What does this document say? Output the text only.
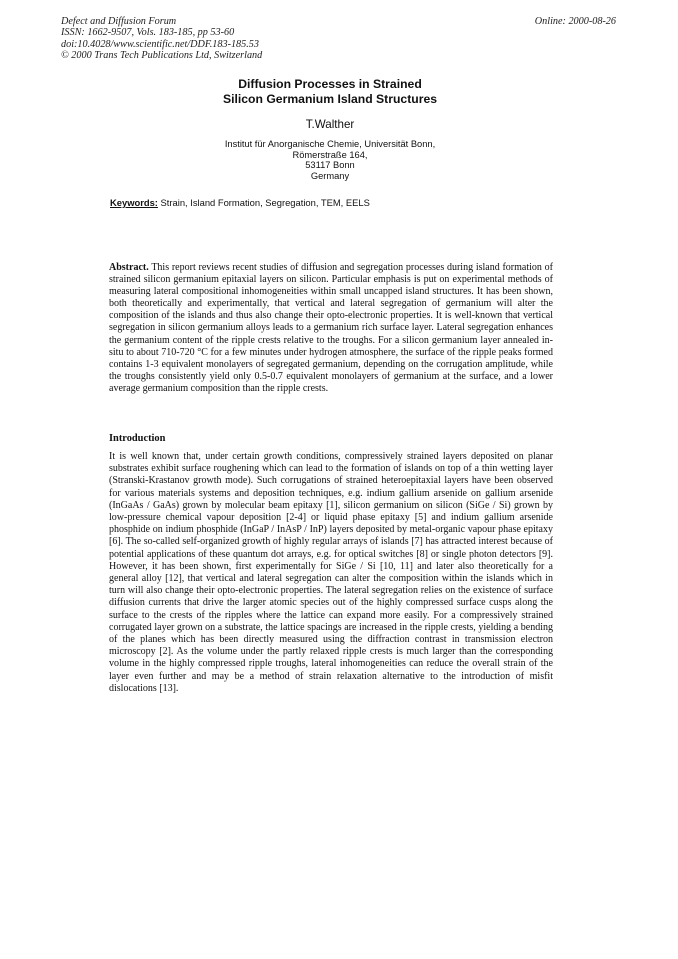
Defect and Diffusion Forum
ISSN: 1662-9507, Vols. 183-185, pp 53-60
doi:10.4028/www.scientific.net/DDF.183-185.53
© 2000 Trans Tech Publications Ltd, Switzerland
Online: 2000-08-26
Diffusion Processes in Strained
Silicon Germanium Island Structures
T.Walther
Institut für Anorganische Chemie, Universität Bonn,
Römerstraße 164,
53117 Bonn
Germany
Keywords: Strain, Island Formation, Segregation, TEM, EELS
Abstract. This report reviews recent studies of diffusion and segregation processes during island formation of strained silicon germanium epitaxial layers on silicon. Particular emphasis is put on experimental methods of measuring lateral compositional inhomogeneities within small uncapped island structures. It has been shown, both theoretically and experimentally, that vertical and lateral segregation of germanium will alter the composition of the islands and thus also change their opto-electronic properties. It is well-known that vertical segregation in silicon germanium alloys leads to a germanium rich surface layer. Lateral segregation enhances the germanium content of the ripple crests relative to the troughs. For a silicon germanium layer annealed in-situ to about 710-720 °C for a few minutes under hydrogen atmosphere, the surface of the ripple peaks formed contains 1-3 equivalent monolayers of segregated germanium, depending on the corrugation amplitude, while the troughs consistently yield only 0.5-0.7 equivalent monolayers of germanium at the surface, and a lower average germanium composition than the ripple crests.
Introduction
It is well known that, under certain growth conditions, compressively strained layers deposited on planar substrates exhibit surface roughening which can lead to the formation of islands on top of a thin wetting layer (Stranski-Krastanov growth mode). Such corrugations of strained heteroepitaxial layers have been observed for various materials systems and deposition techniques, e.g. indium gallium arsenide on gallium arsenide (InGaAs / GaAs) grown by molecular beam epitaxy [1], silicon germanium on silicon (SiGe / Si) grown by low-pressure chemical vapour deposition [2-4] or liquid phase epitaxy [5] and indium gallium arsenide phosphide on indium phosphide (InGaP / InAsP / InP) layers deposited by metal-organic vapour phase epitaxy [6]. The so-called self-organized growth of highly regular arrays of islands [7] has attracted interest because of potential applications of these quantum dot arrays, e.g. for optical switches [8] or single photon detectors [9]. However, it has been shown, first experimentally for SiGe / Si [10, 11] and later also theoretically for a general alloy [12], that vertical and lateral segregation can alter the composition within the islands which in turn will also change their opto-electronic properties. The lateral segregation relies on the existence of surface diffusion currents that drive the larger atomic species out of the highly compressed surface cusps along the surface to the crests of the ripples where the lattice can expand more easily. For a compressively strained corrugated layer grown on a substrate, the lattice spacings are increased in the ripple crests, yielding a bending of the planes which has been directly measured using the diffraction contrast in transmission electron microscopy [2]. As the volume under the partly relaxed ripple crests is much larger than the corresponding volume in the highly compressed ripple troughs, lateral inhomogeneities can reduce the overall strain of the layer even further and may be a method of strain relaxation alternative to the introduction of misfit dislocations [13].
